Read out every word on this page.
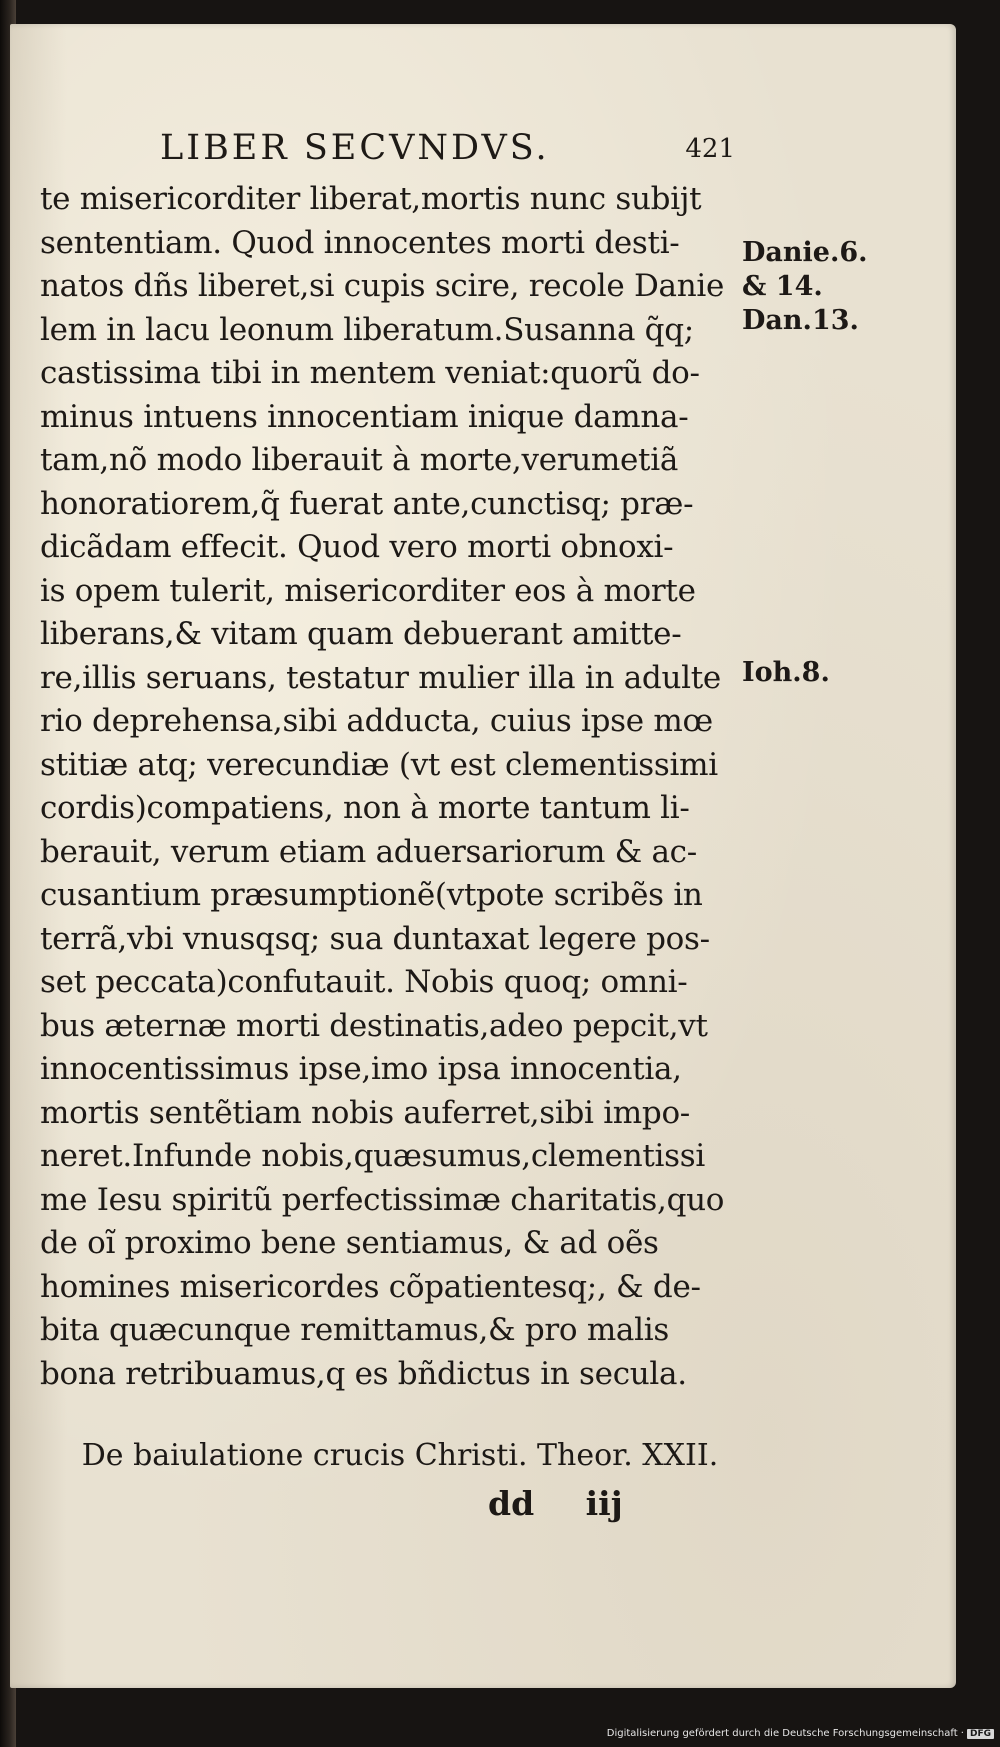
LIBER SECVNDVS.	421
te misericorditer liberat,mortis nunc subijt
sententiam. Quod innocentes morti desti-
natos dñs liberet,si cupis scire, recole Danie
lem in lacu leonum liberatum.Susanna q̃q;
castissima tibi in mentem veniat:quorũ do-
minus intuens innocentiam inique damna-
tam,nõ modo liberauit à morte,verumetiã
honoratiorem,q̃ fuerat ante,cunctisq; præ-
dicãdam effecit. Quod vero morti obnoxi-
is opem tulerit, misericorditer eos à morte
liberans,& vitam quam debuerant amitte-
re,illis seruans, testatur mulier illa in adulte
rio deprehensa,sibi adducta, cuius ipse mœ
stitiæ atq; verecundiæ (vt est clementissimi
cordis)compatiens, non à morte tantum li-
berauit, verum etiam aduersariorum & ac-
cusantium præsumptionẽ(vtpote scribẽs in
terrã,vbi vnusqsq; sua duntaxat legere pos-
set peccata)confutauit. Nobis quoq; omni-
bus æternæ morti destinatis,adeo pepcit,vt
innocentissimus ipse,imo ipsa innocentia,
mortis sentẽtiam nobis auferret,sibi impo-
neret.Infunde nobis,quæsumus,clementissi
me Iesu spiritũ perfectissimæ charitatis,quo
de oĩ proximo bene sentiamus, & ad oẽs
homines misericordes cõpatientesq;, & de-
bita quæcunque remittamus,& pro malis
bona retribuamus,q es bñdictus in secula.
Danie.6.
& 14.
Dan.13.
Ioh.8.
De baiulatione crucis Christi. Theor. XXII.
dd iij
Digitalisierung gefördert durch die Deutsche Forschungsgemeinschaft · DFG
